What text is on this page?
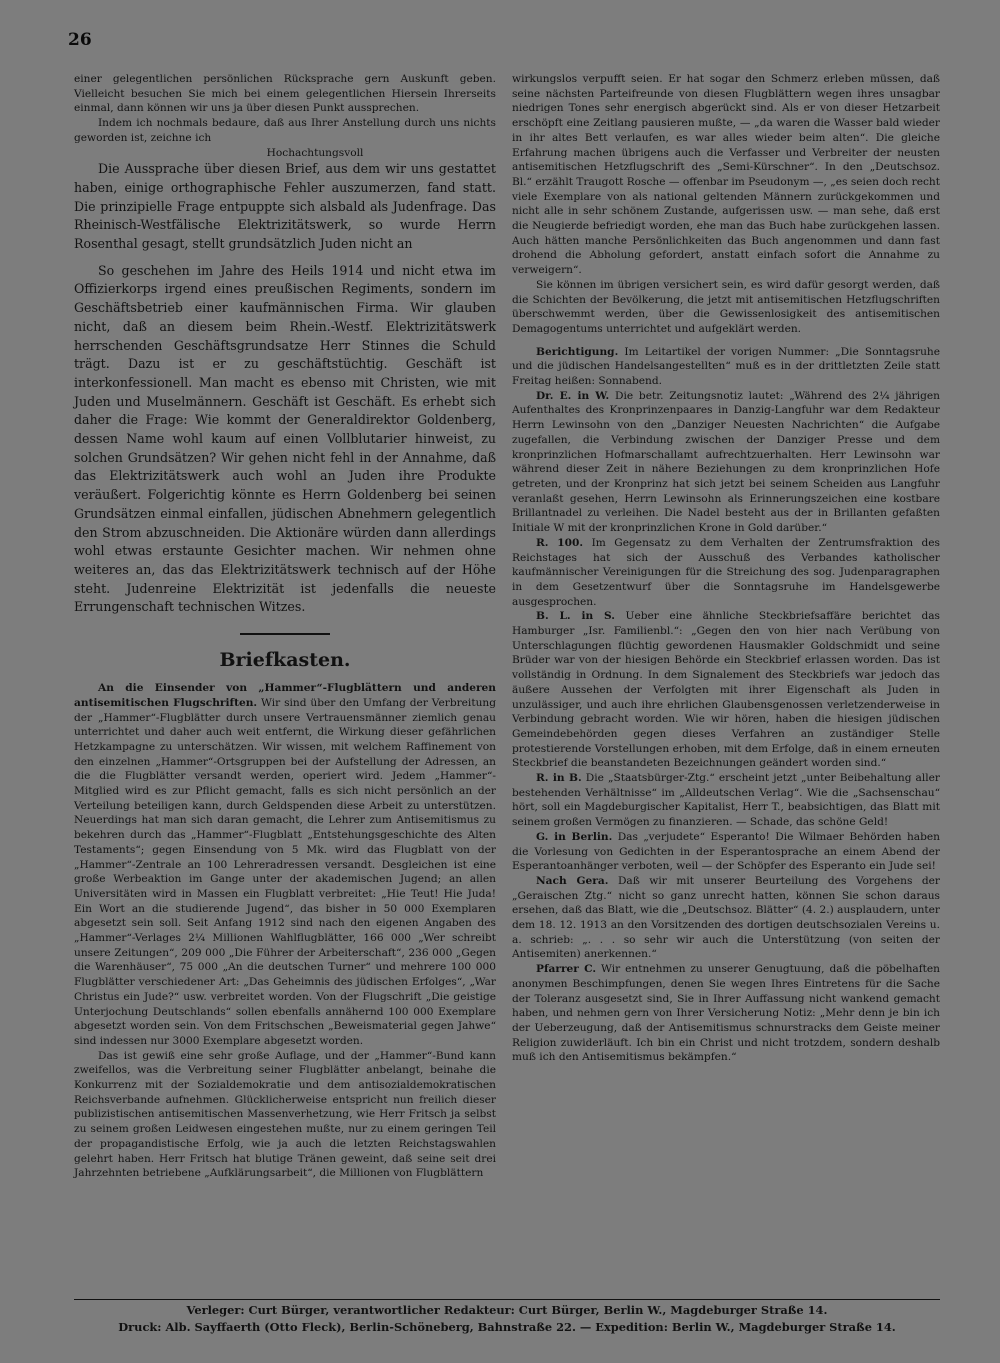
26

einer gelegentlichen persönlichen Rücksprache gern Auskunft geben. Vielleicht besuchen Sie mich bei einem gelegentlichen Hiersein Ihrerseits einmal, dann können wir uns ja über diesen Punkt aussprechen.

Indem ich nochmals bedaure, daß aus Ihrer Anstellung durch uns nichts geworden ist, zeichne ich

Hochachtungsvoll

Die Aussprache über diesen Brief, aus dem wir uns gestattet haben, einige orthographische Fehler auszumerzen, fand statt. Die prinzipielle Frage entpuppte sich alsbald als Judenfrage. Das Rheinisch-Westfälische Elektrizitätswerk, so wurde Herrn Rosenthal gesagt, stellt grundsätzlich Juden nicht an

So geschehen im Jahre des Heils 1914 und nicht etwa im Offizierkorps irgend eines preußischen Regiments, sondern im Geschäftsbetrieb einer kaufmännischen Firma. Wir glauben nicht, daß an diesem beim Rhein.-Westf. Elektrizitätswerk herrschenden Geschäftsgrundsatze Herr Stinnes die Schuld trägt. Dazu ist er zu geschäftstüchtig. Geschäft ist interkonfessionell. Man macht es ebenso mit Christen, wie mit Juden und Muselmännern. Geschäft ist Geschäft. Es erhebt sich daher die Frage: Wie kommt der Generaldirektor Goldenberg, dessen Name wohl kaum auf einen Vollblutarier hinweist, zu solchen Grundsätzen? Wir gehen nicht fehl in der Annahme, daß das Elektrizitätswerk auch wohl an Juden ihre Produkte veräußert. Folgerichtig könnte es Herrn Goldenberg bei seinen Grundsätzen einmal einfallen, jüdischen Abnehmern gelegentlich den Strom abzuschneiden. Die Aktionäre würden dann allerdings wohl etwas erstaunte Gesichter machen. Wir nehmen ohne weiteres an, das das Elektrizitätswerk technisch auf der Höhe steht. Judenreine Elektrizität ist jedenfalls die neueste Errungenschaft technischen Witzes.

Briefkasten.

An die Einsender von „Hammer“-Flugblättern und anderen antisemitischen Flugschriften. Wir sind über den Umfang der Verbreitung der „Hammer“-Flugblätter durch unsere Vertrauensmänner ziemlich genau unterrichtet und daher auch weit entfernt, die Wirkung dieser gefährlichen Hetzkampagne zu unterschätzen. Wir wissen, mit welchem Raffinement von den einzelnen „Hammer“-Ortsgruppen bei der Aufstellung der Adressen, an die die Flugblätter versandt werden, operiert wird. Jedem „Hammer“-Mitglied wird es zur Pflicht gemacht, falls es sich nicht persönlich an der Verteilung beteiligen kann, durch Geldspenden diese Arbeit zu unterstützen. Neuerdings hat man sich daran gemacht, die Lehrer zum Antisemitismus zu bekehren durch das „Hammer“-Flugblatt „Entstehungsgeschichte des Alten Testaments“; gegen Einsendung von 5 Mk. wird das Flugblatt von der „Hammer“-Zentrale an 100 Lehreradressen versandt. Desgleichen ist eine große Werbeaktion im Gange unter der akademischen Jugend; an allen Universitäten wird in Massen ein Flugblatt verbreitet: „Hie Teut! Hie Juda! Ein Wort an die studierende Jugend“, das bisher in 50 000 Exemplaren abgesetzt sein soll. Seit Anfang 1912 sind nach den eigenen Angaben des „Hammer“-Verlages 2¼ Millionen Wahlflugblätter, 166 000 „Wer schreibt unsere Zeitungen“, 209 000 „Die Führer der Arbeiterschaft“, 236 000 „Gegen die Warenhäuser“, 75 000 „An die deutschen Turner“ und mehrere 100 000 Flugblätter verschiedener Art: „Das Geheimnis des jüdischen Erfolges“, „War Christus ein Jude?“ usw. verbreitet worden. Von der Flugschrift „Die geistige Unterjochung Deutschlands“ sollen ebenfalls annähernd 100 000 Exemplare abgesetzt worden sein. Von dem Fritschschen „Beweismaterial gegen Jahwe“ sind indessen nur 3000 Exemplare abgesetzt worden.

Das ist gewiß eine sehr große Auflage, und der „Hammer“-Bund kann zweifellos, was die Verbreitung seiner Flugblätter anbelangt, beinahe die Konkurrenz mit der Sozialdemokratie und dem antisozialdemokratischen Reichsverbande aufnehmen. Glücklicherweise entspricht nun freilich dieser publizistischen antisemitischen Massenverhetzung, wie Herr Fritsch ja selbst zu seinem großen Leidwesen eingestehen mußte, nur zu einem geringen Teil der propagandistische Erfolg, wie ja auch die letzten Reichstagswahlen gelehrt haben. Herr Fritsch hat blutige Tränen geweint, daß seine seit drei Jahrzehnten betriebene „Aufklärungsarbeit“, die Millionen von Flugblättern

wirkungslos verpufft seien. Er hat sogar den Schmerz erleben müssen, daß seine nächsten Parteifreunde von diesen Flugblättern wegen ihres unsagbar niedrigen Tones sehr energisch abgerückt sind. Als er von dieser Hetzarbeit erschöpft eine Zeitlang pausieren mußte, — „da waren die Wasser bald wieder in ihr altes Bett verlaufen, es war alles wieder beim alten“. Die gleiche Erfahrung machen übrigens auch die Verfasser und Verbreiter der neusten antisemitischen Hetzflugschrift des „Semi-Kürschner“. In den „Deutschsoz. Bl.“ erzählt Traugott Rosche — offenbar im Pseudonym —, „es seien doch recht viele Exemplare von als national geltenden Männern zurückgekommen und nicht alle in sehr schönem Zustande, aufgerissen usw. — man sehe, daß erst die Neugierde befriedigt worden, ehe man das Buch habe zurückgehen lassen. Auch hätten manche Persönlichkeiten das Buch angenommen und dann fast drohend die Abholung gefordert, anstatt einfach sofort die Annahme zu verweigern“.

Sie können im übrigen versichert sein, es wird dafür gesorgt werden, daß die Schichten der Bevölkerung, die jetzt mit antisemitischen Hetzflugschriften überschwemmt werden, über die Gewissenlosigkeit des antisemitischen Demagogentums unterrichtet und aufgeklärt werden.

Berichtigung. Im Leitartikel der vorigen Nummer: „Die Sonntagsruhe und die jüdischen Handelsangestellten“ muß es in der drittletzten Zeile statt Freitag heißen: Sonnabend.

Dr. E. in W. Die betr. Zeitungsnotiz lautet: „Während des 2¼ jährigen Aufenthaltes des Kronprinzenpaares in Danzig-Langfuhr war dem Redakteur Herrn Lewinsohn von den „Danziger Neuesten Nachrichten“ die Aufgabe zugefallen, die Verbindung zwischen der Danziger Presse und dem kronprinzlichen Hofmarschallamt aufrechtzuerhalten. Herr Lewinsohn war während dieser Zeit in nähere Beziehungen zu dem kronprinzlichen Hofe getreten, und der Kronprinz hat sich jetzt bei seinem Scheiden aus Langfuhr veranlaßt gesehen, Herrn Lewinsohn als Erinnerungszeichen eine kostbare Brillantnadel zu verleihen. Die Nadel besteht aus der in Brillanten gefaßten Initiale W mit der kronprinzlichen Krone in Gold darüber.“

R. 100. Im Gegensatz zu dem Verhalten der Zentrumsfraktion des Reichstages hat sich der Ausschuß des Verbandes katholischer kaufmännischer Vereinigungen für die Streichung des sog. Judenparagraphen in dem Gesetzentwurf über die Sonntagsruhe im Handelsgewerbe ausgesprochen.

B. L. in S. Ueber eine ähnliche Steckbriefsaffäre berichtet das Hamburger „Isr. Familienbl.“: „Gegen den von hier nach Verübung von Unterschlagungen flüchtig gewordenen Hausmakler Goldschmidt und seine Brüder war von der hiesigen Behörde ein Steckbrief erlassen worden. Das ist vollständig in Ordnung. In dem Signalement des Steckbriefs war jedoch das äußere Aussehen der Verfolgten mit ihrer Eigenschaft als Juden in unzulässiger, und auch ihre ehrlichen Glaubensgenossen verletzenderweise in Verbindung gebracht worden. Wie wir hören, haben die hiesigen jüdischen Gemeindebehörden gegen dieses Verfahren an zuständiger Stelle protestierende Vorstellungen erhoben, mit dem Erfolge, daß in einem erneuten Steckbrief die beanstandeten Bezeichnungen geändert worden sind.“

R. in B. Die „Staatsbürger-Ztg.“ erscheint jetzt „unter Beibehaltung aller bestehenden Verhältnisse“ im „Alldeutschen Verlag“. Wie die „Sachsenschau“ hört, soll ein Magdeburgischer Kapitalist, Herr T., beabsichtigen, das Blatt mit seinem großen Vermögen zu finanzieren. — Schade, das schöne Geld!

G. in Berlin. Das „verjudete“ Esperanto! Die Wilmaer Behörden haben die Vorlesung von Gedichten in der Esperantosprache an einem Abend der Esperantoanhänger verboten, weil — der Schöpfer des Esperanto ein Jude sei!

Nach Gera. Daß wir mit unserer Beurteilung des Vorgehens der „Geraischen Ztg.“ nicht so ganz unrecht hatten, können Sie schon daraus ersehen, daß das Blatt, wie die „Deutschsoz. Blätter“ (4. 2.) ausplaudern, unter dem 18. 12. 1913 an den Vorsitzenden des dortigen deutschsozialen Vereins u. a. schrieb: „. . . so sehr wir auch die Unterstützung (von seiten der Antisemiten) anerkennen.“

Pfarrer C. Wir entnehmen zu unserer Genugtuung, daß die pöbelhaften anonymen Beschimpfungen, denen Sie wegen Ihres Eintretens für die Sache der Toleranz ausgesetzt sind, Sie in Ihrer Auffassung nicht wankend gemacht haben, und nehmen gern von Ihrer Versicherung Notiz: „Mehr denn je bin ich der Ueberzeugung, daß der Antisemitismus schnurstracks dem Geiste meiner Religion zuwiderläuft. Ich bin ein Christ und nicht trotzdem, sondern deshalb muß ich den Antisemitismus bekämpfen.“

Verleger: Curt Bürger, verantwortlicher Redakteur: Curt Bürger, Berlin W., Magdeburger Straße 14.
Druck: Alb. Sayffaerth (Otto Fleck), Berlin-Schöneberg, Bahnstraße 22. — Expedition: Berlin W., Magdeburger Straße 14.
